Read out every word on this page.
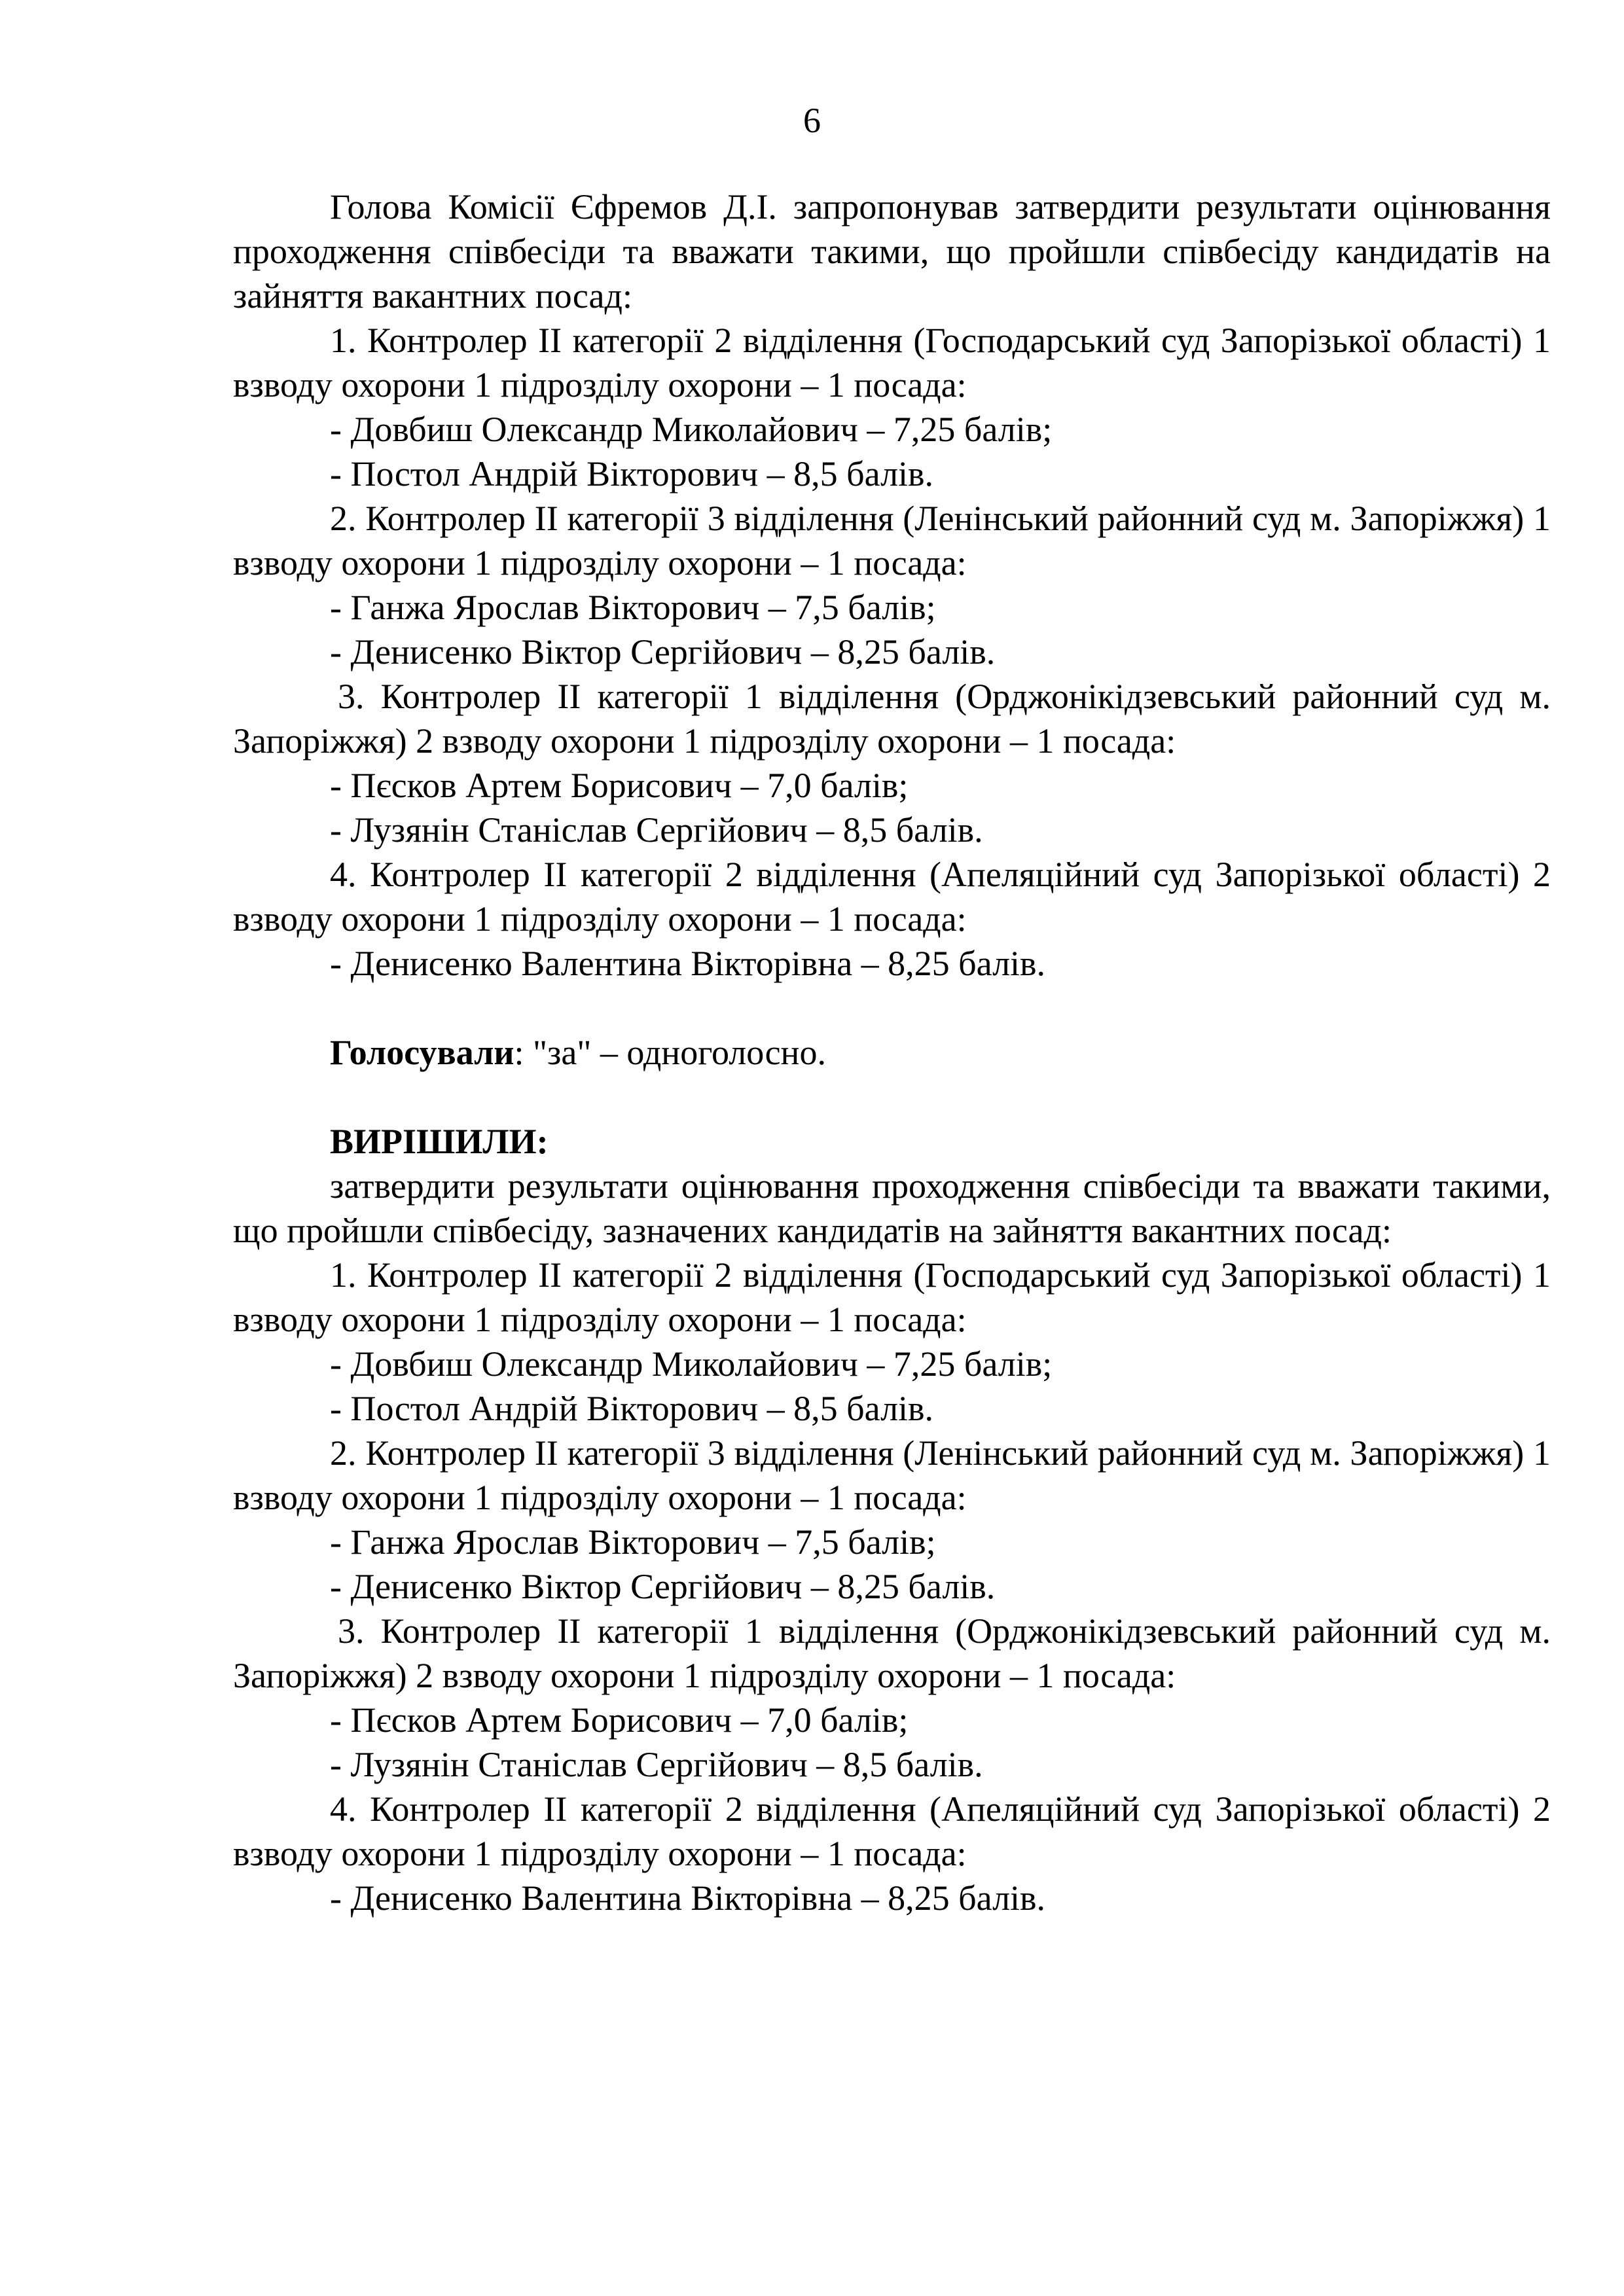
6

Голова Комісії Єфремов Д.І. запропонував затвердити результати оцінювання проходження співбесіди та вважати такими, що пройшли співбесіду кандидатів на зайняття вакантних посад:

1. Контролер ІІ категорії 2 відділення (Господарський суд Запорізької області) 1 взводу охорони 1 підрозділу охорони – 1 посада:

- Довбиш Олександр Миколайович – 7,25 балів;

- Постол Андрій Вікторович – 8,5 балів.

2. Контролер ІІ категорії 3 відділення (Ленінський районний суд м. Запоріжжя) 1 взводу охорони 1 підрозділу охорони – 1 посада:

- Ганжа Ярослав Вікторович – 7,5 балів;

- Денисенко Віктор Сергійович – 8,25 балів.

3. Контролер ІІ категорії 1 відділення (Орджонікідзевський районний суд м. Запоріжжя) 2 взводу охорони 1 підрозділу охорони – 1 посада:

- Пєсков Артем Борисович – 7,0 балів;

- Лузянін Станіслав Сергійович – 8,5 балів.

4. Контролер ІІ категорії 2 відділення (Апеляційний суд Запорізької області) 2 взводу охорони 1 підрозділу охорони – 1 посада:

- Денисенко Валентина Вікторівна – 8,25 балів.

Голосували: "за" – одноголосно.

ВИРІШИЛИ:

затвердити результати оцінювання проходження співбесіди та вважати такими, що пройшли співбесіду, зазначених кандидатів на зайняття вакантних посад:

1. Контролер ІІ категорії 2 відділення (Господарський суд Запорізької області) 1 взводу охорони 1 підрозділу охорони – 1 посада:

- Довбиш Олександр Миколайович – 7,25 балів;

- Постол Андрій Вікторович – 8,5 балів.

2. Контролер ІІ категорії 3 відділення (Ленінський районний суд м. Запоріжжя) 1 взводу охорони 1 підрозділу охорони – 1 посада:

- Ганжа Ярослав Вікторович – 7,5 балів;

- Денисенко Віктор Сергійович – 8,25 балів.

3. Контролер ІІ категорії 1 відділення (Орджонікідзевський районний суд м. Запоріжжя) 2 взводу охорони 1 підрозділу охорони – 1 посада:

- Пєсков Артем Борисович – 7,0 балів;

- Лузянін Станіслав Сергійович – 8,5 балів.

4. Контролер ІІ категорії 2 відділення (Апеляційний суд Запорізької області) 2 взводу охорони 1 підрозділу охорони – 1 посада:

- Денисенко Валентина Вікторівна – 8,25 балів.
